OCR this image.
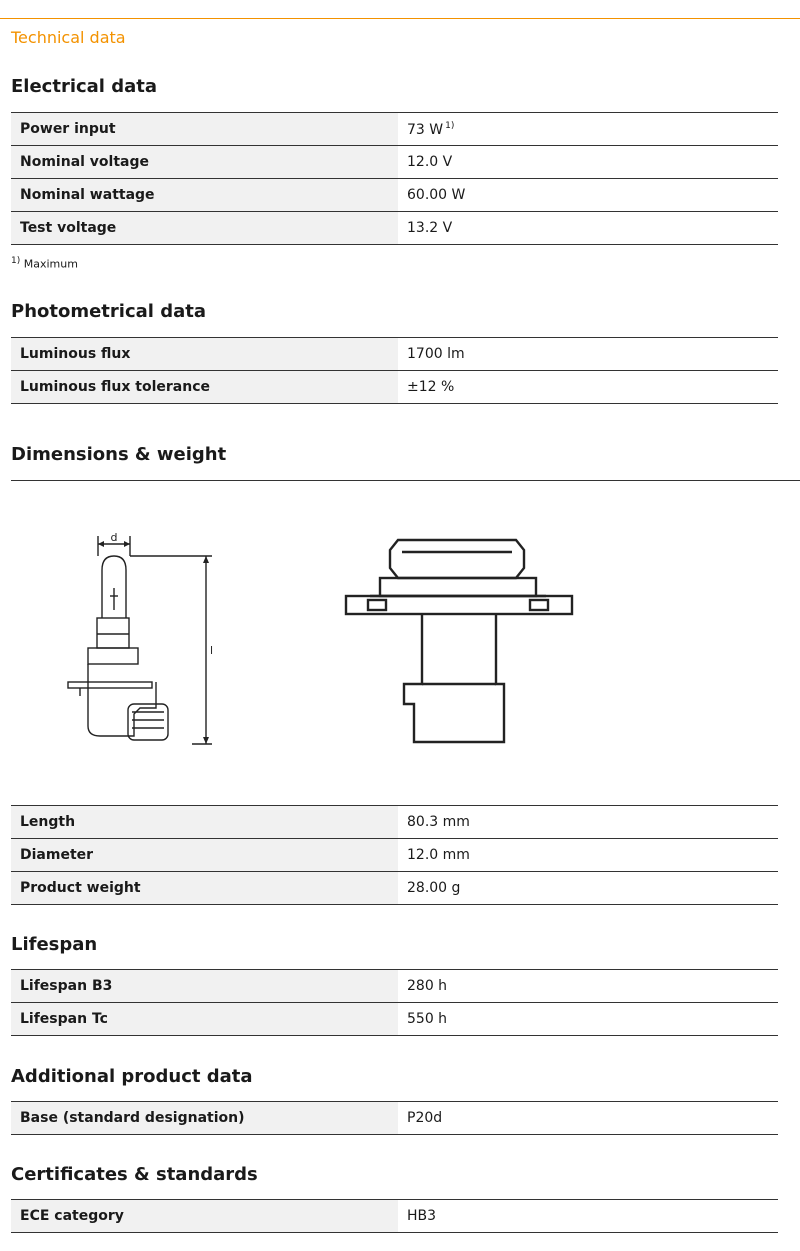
Technical data
Electrical data
Power input	73 W $^{1)}$
Nominal voltage	12.0 V
Nominal wattage	60.00 W
Test voltage	13.2 V
$^{1)}$ Maximum
Photometrical data
Luminous flux	1700 lm
Luminous flux tolerance	±12 %
Dimensions & weight
d
l
Length	80.3 mm
Diameter	12.0 mm
Product weight	28.00 g
Lifespan
Lifespan B3	280 h
Lifespan Tc	550 h
Additional product data
Base (standard designation)	P20d
Certificates & standards
ECE category	HB3
